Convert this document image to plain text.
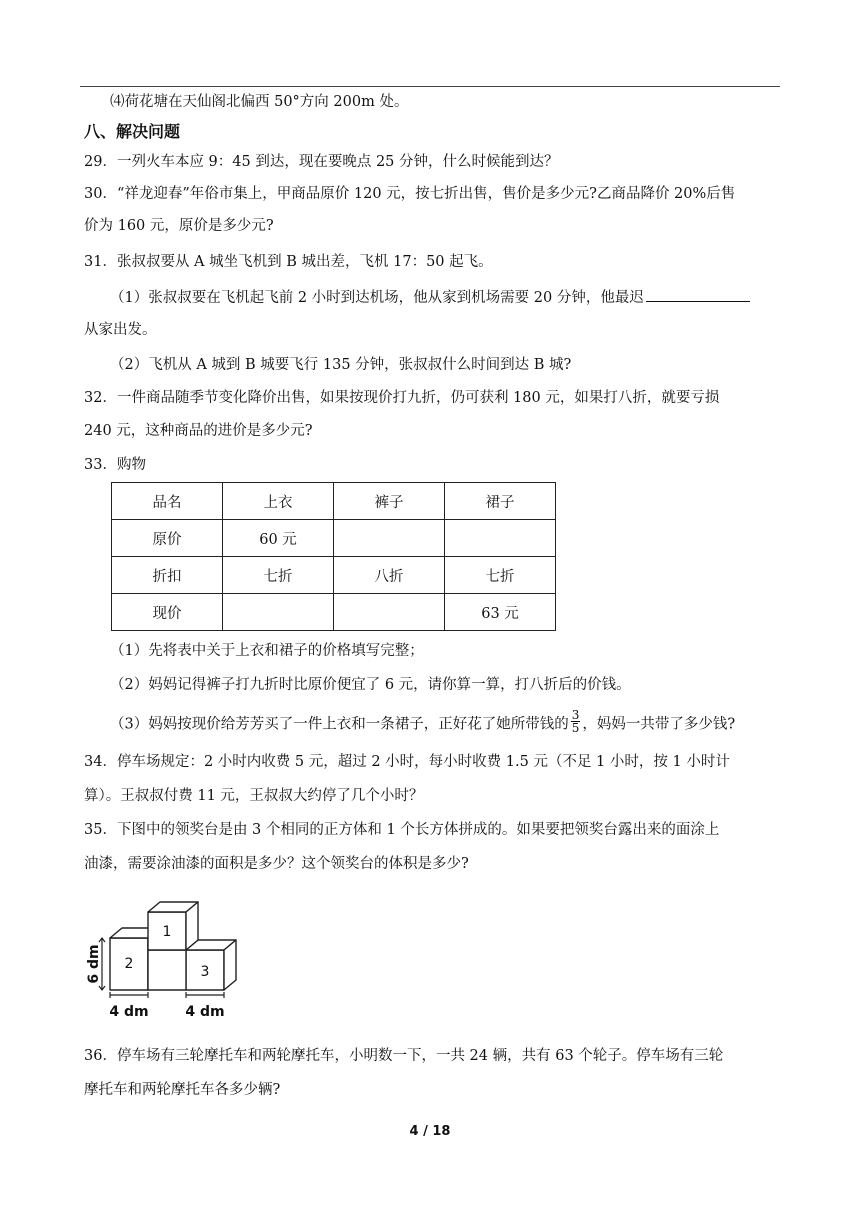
⑷荷花塘在天仙阁北偏西 50°方向 200m 处。
八、解决问题
29．一列火车本应 9：45 到达，现在要晚点 25 分钟，什么时候能到达？
30．“祥龙迎春”年俗市集上，甲商品原价 120 元，按七折出售，售价是多少元?乙商品降价 20%后售
价为 160 元，原价是多少元?
31．张叔叔要从 A 城坐飞机到 B 城出差，飞机 17：50 起飞。
（1）张叔叔要在飞机起飞前 2 小时到达机场，他从家到机场需要 20 分钟，他最迟
从家出发。
（2）飞机从 A 城到 B 城要飞行 135 分钟，张叔叔什么时间到达 B 城?
32．一件商品随季节变化降价出售，如果按现价打九折，仍可获利 180 元，如果打八折，就要亏损
240 元，这种商品的进价是多少元?
33．购物
品名	上衣	裤子	裙子
原价	60 元		
折扣	七折	八折	七折
现价			63 元
（1）先将表中关于上衣和裙子的价格填写完整；
（2）妈妈记得裤子打九折时比原价便宜了 6 元，请你算一算，打八折后的价钱。
（3）妈妈按现价给芳芳买了一件上衣和一条裙子，正好花了她所带钱的 $\frac{3}{5}$ ，妈妈一共带了多少钱?
34．停车场规定：2 小时内收费 5 元，超过 2 小时，每小时收费 1.5 元（不足 1 小时，按 1 小时计
算）。王叔叔付费 11 元，王叔叔大约停了几个小时？
35．下图中的领奖台是由 3 个相同的正方体和 1 个长方体拼成的。如果要把领奖台露出来的面涂上
油漆，需要涂油漆的面积是多少？这个领奖台的体积是多少?
2
1
3
4 dm	4 dm
6 dm
36．停车场有三轮摩托车和两轮摩托车，小明数一下，一共 24 辆，共有 63 个轮子。停车场有三轮
摩托车和两轮摩托车各多少辆?
4 / 18
